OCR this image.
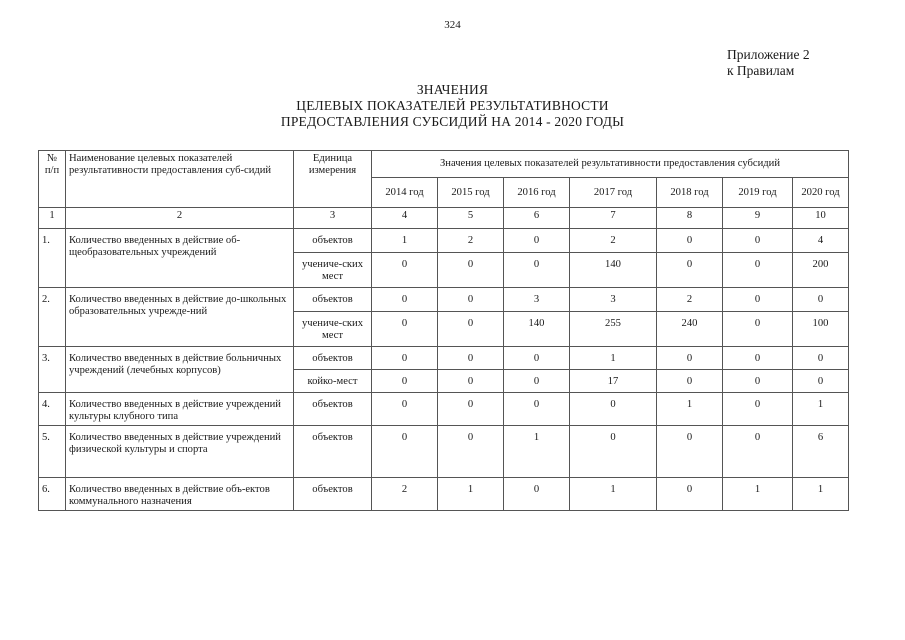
324
Приложение 2
к Правилам
ЗНАЧЕНИЯ
ЦЕЛЕВЫХ ПОКАЗАТЕЛЕЙ РЕЗУЛЬТАТИВНОСТИ
ПРЕДОСТАВЛЕНИЯ СУБСИДИЙ НА 2014 - 2020 ГОДЫ
№ п/п	Наименование целевых показателей результативности предоставления суб-сидий	Единица измерения	Значения целевых показателей результативности предоставления субсидий						
			2014 год	2015 год	2016 год	2017 год	2018 год	2019 год	2020 год
1	2	3	4	5	6	7	8	9	10
1.	Количество введенных в действие об-щеобразовательных учреждений	объектов	1	2	0	2	0	0	4
		учениче-ских мест	0	0	0	140	0	0	200
2.	Количество введенных в действие до-школьных образовательных учрежде-ний	объектов	0	0	3	3	2	0	0
		учениче-ских мест	0	0	140	255	240	0	100
3.	Количество введенных в действие больничных учреждений (лечебных корпусов)	объектов	0	0	0	1	0	0	0
		койко-мест	0	0	0	17	0	0	0
4.	Количество введенных в действие учреждений культуры клубного типа	объектов	0	0	0	0	1	0	1
5.	Количество введенных в действие учреждений физической культуры и спорта	объектов	0	0	1	0	0	0	6
6.	Количество введенных в действие объ-ектов коммунального назначения	объектов	2	1	0	1	0	1	1
